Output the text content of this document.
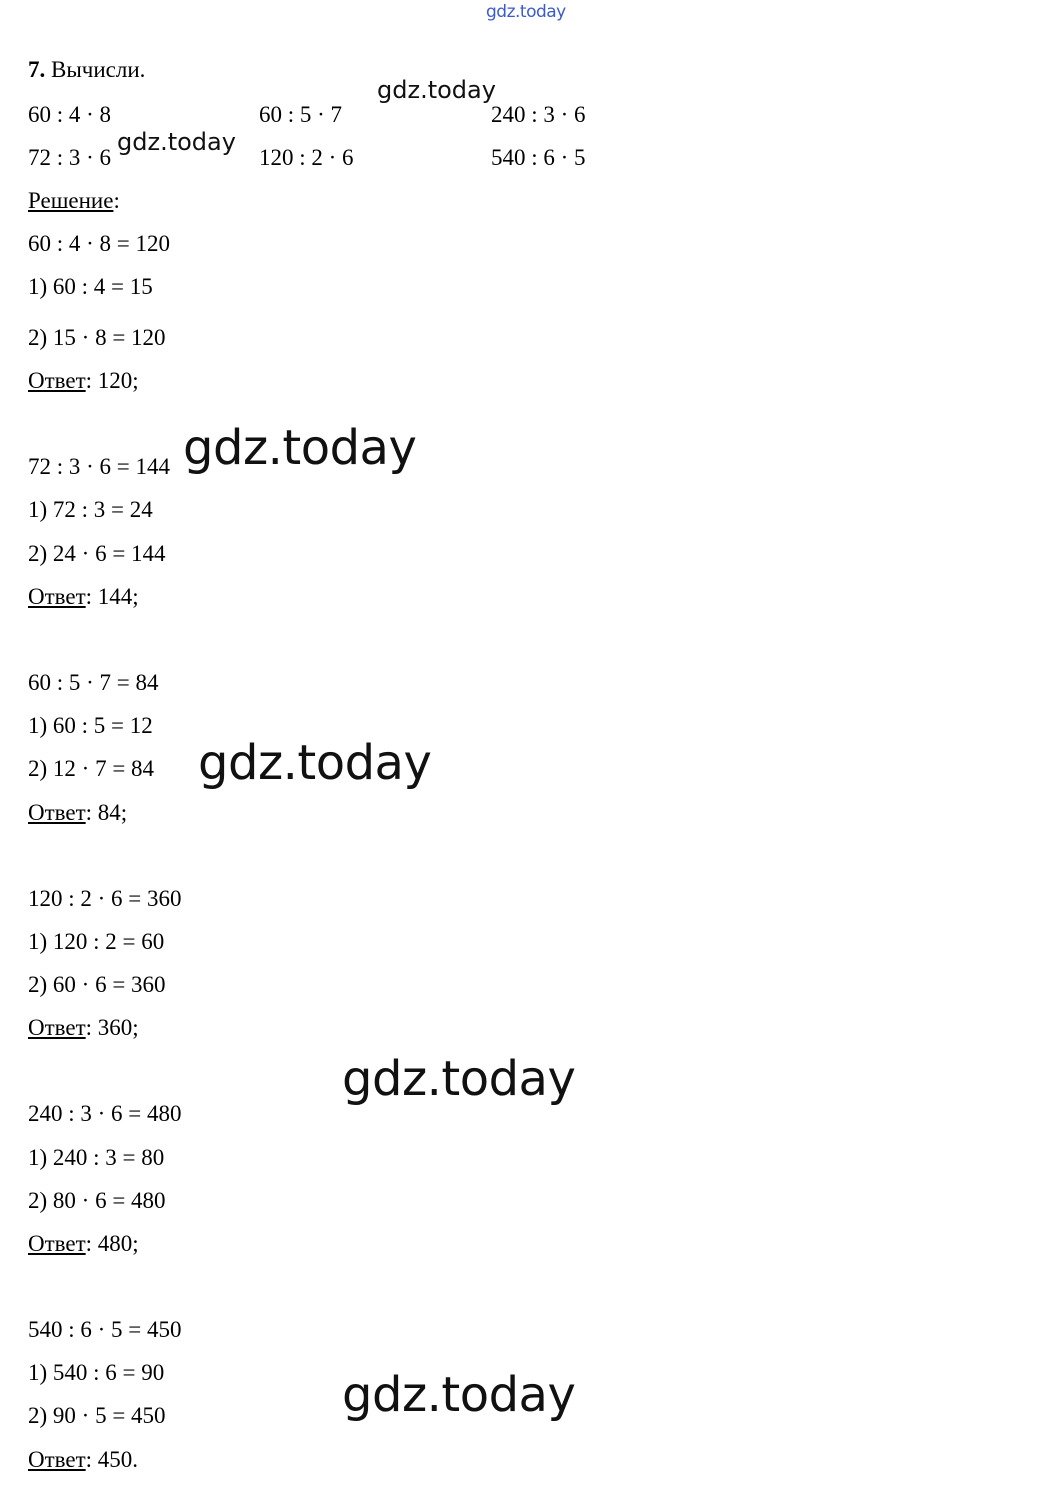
gdz.today
7. Вычисли.
60 : 4 · 8	60 : 5 · 7	240 : 3 · 6
72 : 3 · 6	120 : 2 · 6	540 : 6 · 5
gdz.today
gdz.today
Решение:
60 : 4 · 8 = 120
1) 60 : 4 = 15
2) 15 · 8 = 120
Ответ: 120;
72 : 3 · 6 = 144
1) 72 : 3 = 24
2) 24 · 6 = 144
Ответ: 144;
gdz.today
60 : 5 · 7 = 84
1) 60 : 5 = 12
2) 12 · 7 = 84
Ответ: 84;
gdz.today
120 : 2 · 6 = 360
1) 120 : 2 = 60
2) 60 · 6 = 360
Ответ: 360;
gdz.today
240 : 3 · 6 = 480
1) 240 : 3 = 80
2) 80 · 6 = 480
Ответ: 480;
540 : 6 · 5 = 450
1) 540 : 6 = 90
2) 90 · 5 = 450
Ответ: 450.
gdz.today
